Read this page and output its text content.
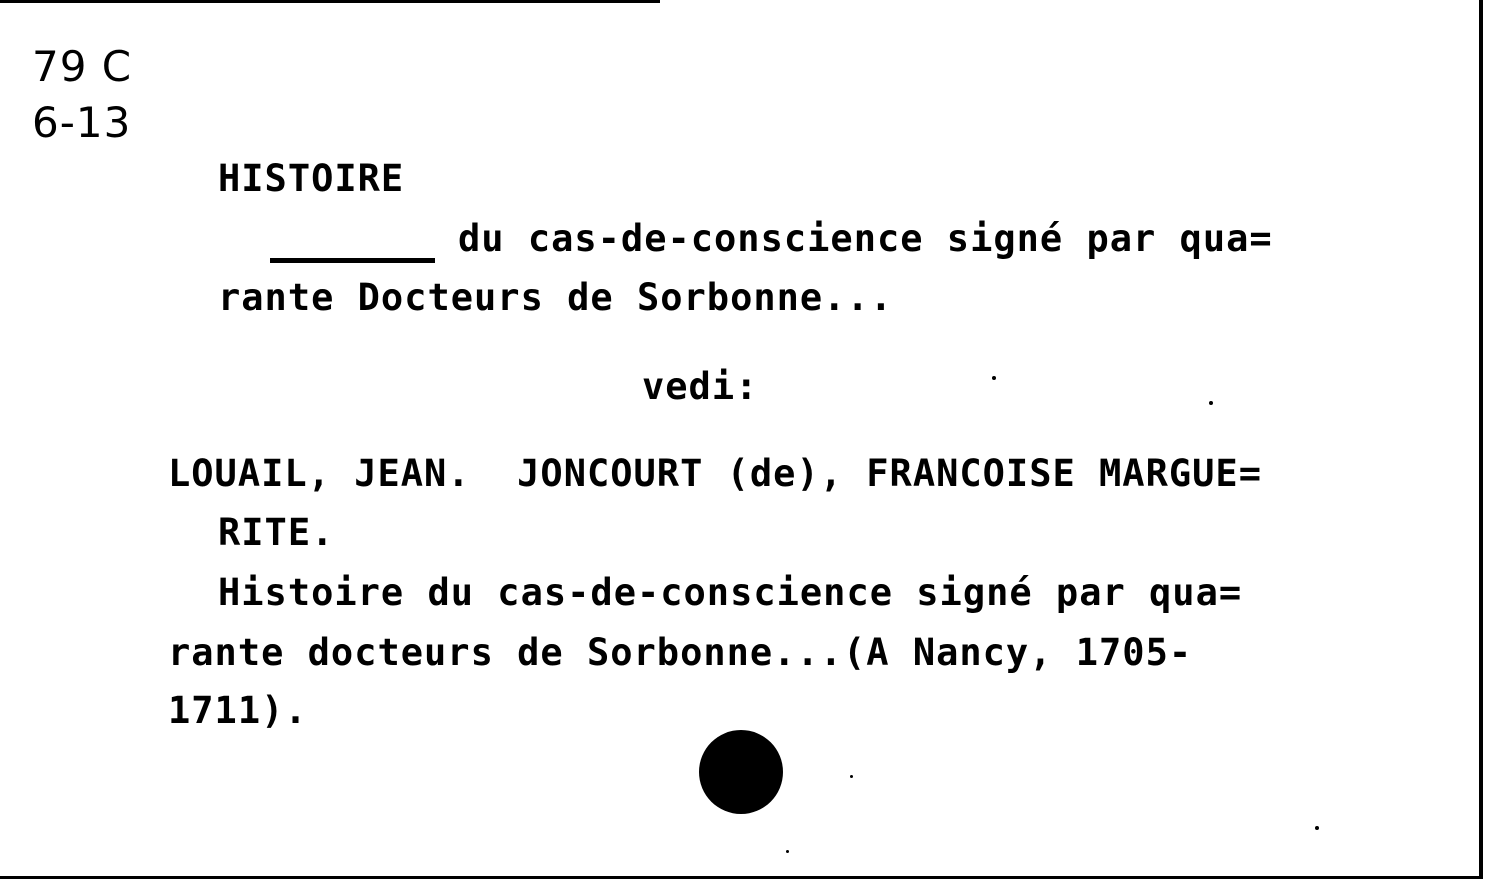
79 C
6-13
HISTOIRE
du cas-de-conscience signé par qua=
rante Docteurs de Sorbonne...
vedi:
LOUAIL, JEAN.  JONCOURT (de), FRANCOISE MARGUE=
RITE.
Histoire du cas-de-conscience signé par qua=
rante docteurs de Sorbonne...(A Nancy, 1705-
1711).
